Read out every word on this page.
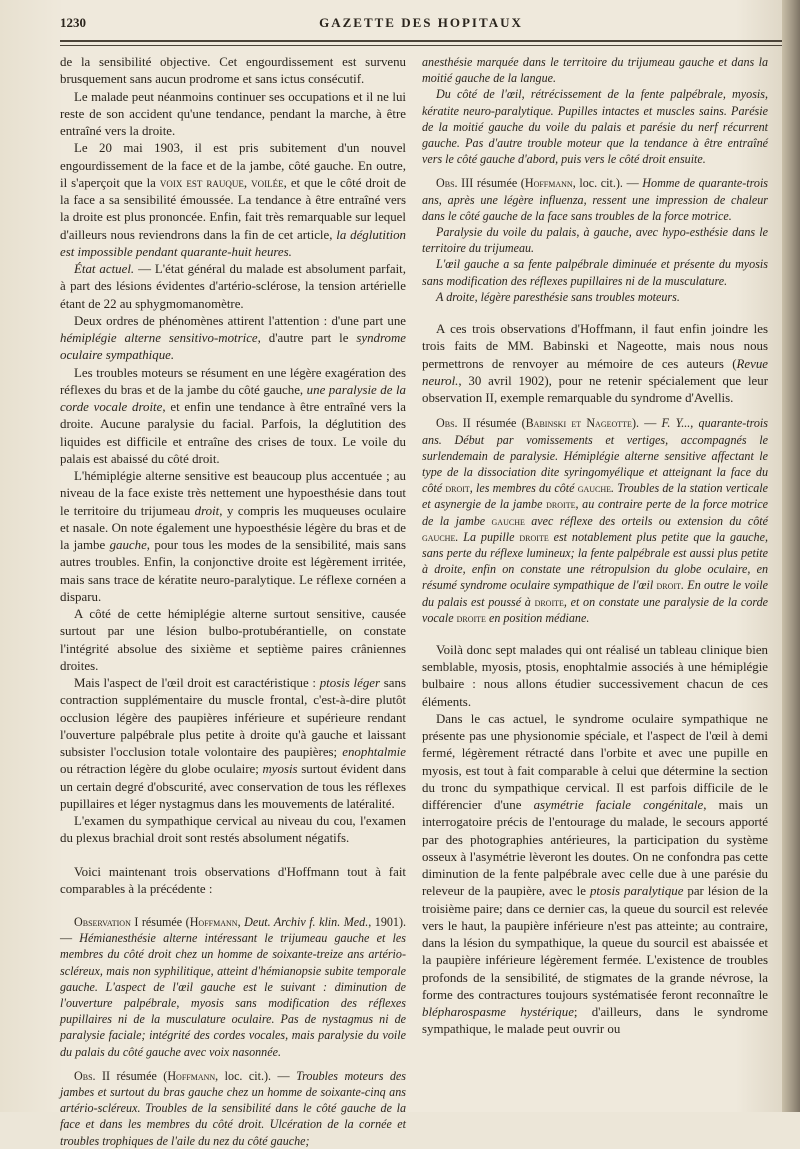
1230	GAZETTE DES HOPITAUX

de la sensibilité objective. Cet engourdissement est survenu brusquement sans aucun prodrome et sans ictus consécutif.

Le malade peut néanmoins continuer ses occupations et il ne lui reste de son accident qu'une tendance, pendant la marche, à être entraîné vers la droite.

Le 20 mai 1903, il est pris subitement d'un nouvel engourdissement de la face et de la jambe, côté gauche. En outre, il s'aperçoit que la voix est rauque, voilée, et que le côté droit de la face a sa sensibilité émoussée. La tendance à être entraîné vers la droite est plus prononcée. Enfin, fait très remarquable sur lequel d'ailleurs nous reviendrons dans la fin de cet article, la déglutition est impossible pendant quarante-huit heures.

État actuel. — L'état général du malade est absolument parfait, à part des lésions évidentes d'artério-sclérose, la tension artérielle étant de 22 au sphygmomanomètre.

Deux ordres de phénomènes attirent l'attention : d'une part une hémiplégie alterne sensitivo-motrice, d'autre part le syndrome oculaire sympathique.

Les troubles moteurs se résument en une légère exagération des réflexes du bras et de la jambe du côté gauche, une paralysie de la corde vocale droite, et enfin une tendance à être entraîné vers la droite. Aucune paralysie du facial. Parfois, la déglutition des liquides est difficile et entraîne des crises de toux. Le voile du palais est abaissé du côté droit.

L'hémiplégie alterne sensitive est beaucoup plus accentuée ; au niveau de la face existe très nettement une hypoesthésie dans tout le territoire du trijumeau droit, y compris les muqueuses oculaire et nasale. On note également une hypoesthésie légère du bras et de la jambe gauche, pour tous les modes de la sensibilité, mais sans autres troubles. Enfin, la conjonctive droite est légèrement irritée, mais sans trace de kératite neuro-paralytique. Le réflexe cornéen a disparu.

A côté de cette hémiplégie alterne surtout sensitive, causée surtout par une lésion bulbo-protubérantielle, on constate l'intégrité absolue des sixième et septième paires crâniennes droites.

Mais l'aspect de l'œil droit est caractéristique : ptosis léger sans contraction supplémentaire du muscle frontal, c'est-à-dire plutôt occlusion légère des paupières inférieure et supérieure rendant l'ouverture palpébrale plus petite à droite qu'à gauche et laissant subsister l'occlusion totale volontaire des paupières; enophtalmie ou rétraction légère du globe oculaire; myosis surtout évident dans un certain degré d'obscurité, avec conservation de tous les réflexes pupillaires et léger nystagmus dans les mouvements de latéralité.

L'examen du sympathique cervical au niveau du cou, l'examen du plexus brachial droit sont restés absolument négatifs.

Voici maintenant trois observations d'Hoffmann tout à fait comparables à la précédente :

Observation I résumée (Hoffmann, Deut. Archiv f. klin. Med., 1901). — Hémianesthésie alterne intéressant le trijumeau gauche et les membres du côté droit chez un homme de soixante-treize ans artério-scléreux, mais non syphilitique, atteint d'hémianopsie subite temporale gauche. L'aspect de l'œil gauche est le suivant : diminution de l'ouverture palpébrale, myosis sans modification des réflexes pupillaires ni de la musculature oculaire. Pas de nystagmus ni de paralysie faciale; intégrité des cordes vocales, mais paralysie du voile du palais du côté gauche avec voix nasonnée.

Obs. II résumée (Hoffmann, loc. cit.). — Troubles moteurs des jambes et surtout du bras gauche chez un homme de soixante-cinq ans artério-scléreux. Troubles de la sensibilité dans le côté gauche de la face et dans les membres du côté droit. Ulcération de la cornée et troubles trophiques de l'aile du nez du côté gauche;

anesthésie marquée dans le territoire du trijumeau gauche et dans la moitié gauche de la langue.

Du côté de l'œil, rétrécissement de la fente palpébrale, myosis, kératite neuro-paralytique. Pupilles intactes et muscles sains. Parésie de la moitié gauche du voile du palais et parésie du nerf récurrent gauche. Pas d'autre trouble moteur que la tendance à être entraîné vers le côté gauche d'abord, puis vers le côté droit ensuite.

Obs. III résumée (Hoffmann, loc. cit.). — Homme de quarante-trois ans, après une légère influenza, ressent une impression de chaleur dans le côté gauche de la face sans troubles de la force motrice.

Paralysie du voile du palais, à gauche, avec hypo-esthésie dans le territoire du trijumeau.

L'œil gauche a sa fente palpébrale diminuée et présente du myosis sans modification des réflexes pupillaires ni de la musculature.

A droite, légère paresthésie sans troubles moteurs.

A ces trois observations d'Hoffmann, il faut enfin joindre les trois faits de MM. Babinski et Nageotte, mais nous nous permettrons de renvoyer au mémoire de ces auteurs (Revue neurol., 30 avril 1902), pour ne retenir spécialement que leur observation II, exemple remarquable du syndrome d'Avellis.

Obs. II résumée (Babinski et Nageotte). — F. Y..., quarante-trois ans. Début par vomissements et vertiges, accompagnés le surlendemain de paralysie. Hémiplégie alterne sensitive affectant le type de la dissociation dite syringomyélique et atteignant la face du côté droit, les membres du côté gauche. Troubles de la station verticale et asynergie de la jambe droite, au contraire perte de la force motrice de la jambe gauche avec réflexe des orteils ou extension du côté gauche. La pupille droite est notablement plus petite que la gauche, sans perte du réflexe lumineux; la fente palpébrale est aussi plus petite à droite, enfin on constate une rétropulsion du globe oculaire, en résumé syndrome oculaire sympathique de l'œil droit. En outre le voile du palais est poussé à droite, et on constate une paralysie de la corde vocale droite en position médiane.

Voilà donc sept malades qui ont réalisé un tableau clinique bien semblable, myosis, ptosis, enophtalmie associés à une hémiplégie bulbaire : nous allons étudier successivement chacun de ces éléments.

Dans le cas actuel, le syndrome oculaire sympathique ne présente pas une physionomie spéciale, et l'aspect de l'œil à demi fermé, légèrement rétracté dans l'orbite et avec une pupille en myosis, est tout à fait comparable à celui que détermine la section du tronc du sympathique cervical. Il est parfois difficile de le différencier d'une asymétrie faciale congénitale, mais un interrogatoire précis de l'entourage du malade, le secours apporté par des photographies antérieures, la participation du système osseux à l'asymétrie lèveront les doutes. On ne confondra pas cette diminution de la fente palpébrale avec celle due à une parésie du releveur de la paupière, avec le ptosis paralytique par lésion de la troisième paire; dans ce dernier cas, la queue du sourcil est relevée vers le haut, la paupière inférieure n'est pas atteinte; au contraire, dans la lésion du sympathique, la queue du sourcil est abaissée et la paupière inférieure légèrement fermée. L'existence de troubles profonds de la sensibilité, de stigmates de la grande névrose, la forme des contractures toujours systématisée feront reconnaître le blépharospasme hystérique; d'ailleurs, dans le syndrome sympathique, le malade peut ouvrir ou
